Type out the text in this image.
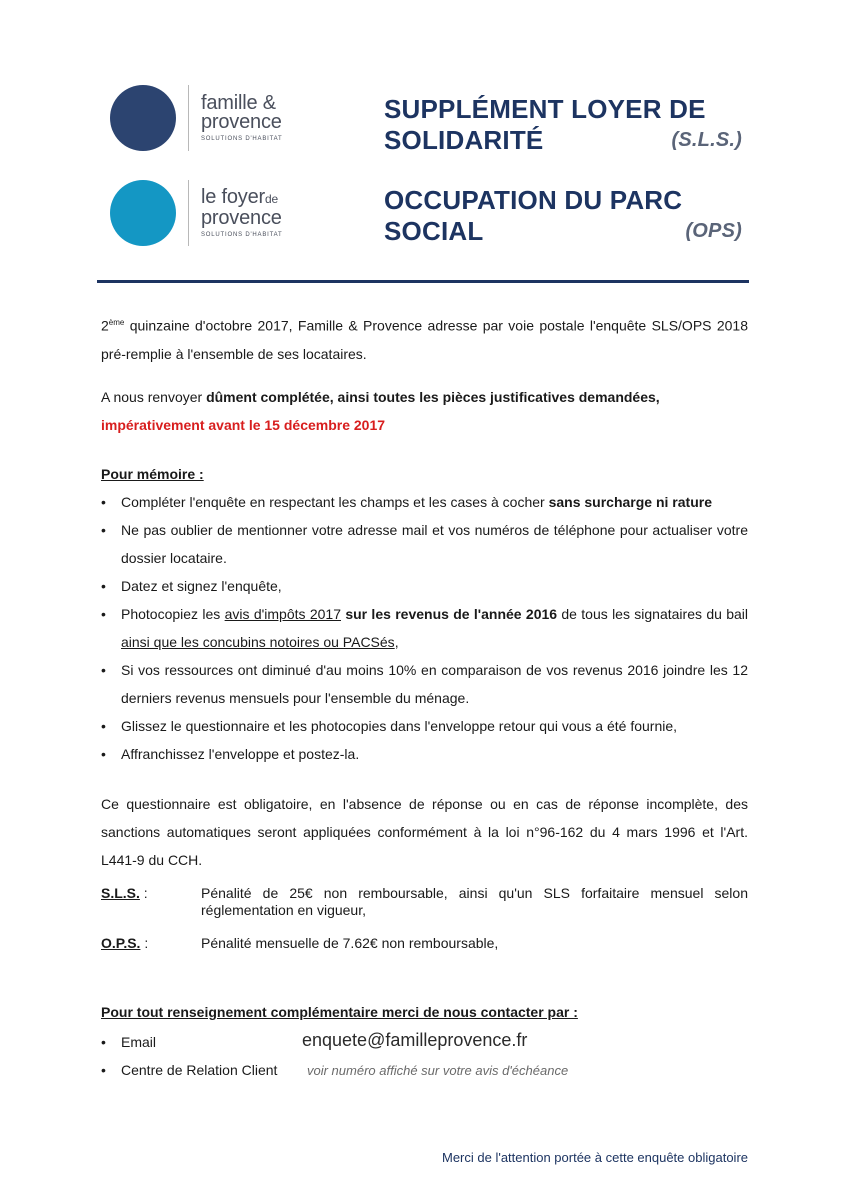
famille &
provence
SOLUTIONS D'HABITAT
le foyerde
provence
SOLUTIONS D'HABITAT
SUPPLÉMENT LOYER DE
SOLIDARITÉ	(S.L.S.)
OCCUPATION DU PARC
SOCIAL	(OPS)
2ème quinzaine d'octobre 2017, Famille & Provence adresse par voie postale l'enquête SLS/OPS 2018 pré-remplie à l'ensemble de ses locataires.
A nous renvoyer dûment complétée, ainsi toutes les pièces justificatives demandées,
impérativement avant le 15 décembre 2017
Pour mémoire :
• Compléter l'enquête en respectant les champs et les cases à cocher sans surcharge ni rature
• Ne pas oublier de mentionner votre adresse mail et vos numéros de téléphone pour actualiser votre dossier locataire.
• Datez et signez l'enquête,
• Photocopiez les avis d'impôts 2017 sur les revenus de l'année 2016 de tous les signataires du bail ainsi que les concubins notoires ou PACSés,
• Si vos ressources ont diminué d'au moins 10% en comparaison de vos revenus 2016 joindre les 12 derniers revenus mensuels pour l'ensemble du ménage.
• Glissez le questionnaire et les photocopies dans l'enveloppe retour qui vous a été fournie,
• Affranchissez l'enveloppe et postez-la.
Ce questionnaire est obligatoire, en l'absence de réponse ou en cas de réponse incomplète, des sanctions automatiques seront appliquées conformément à la loi n°96-162 du 4 mars 1996 et l'Art. L441-9 du CCH.
S.L.S. :	Pénalité de 25€ non remboursable, ainsi qu'un SLS forfaitaire mensuel selon réglementation en vigueur,
O.P.S. :	Pénalité mensuelle de 7.62€ non remboursable,
Pour tout renseignement complémentaire merci de nous contacter par :
• Email	enquete@familleprovence.fr
• Centre de Relation Client voir numéro affiché sur votre avis d'échéance
Merci de l'attention portée à cette enquête obligatoire
